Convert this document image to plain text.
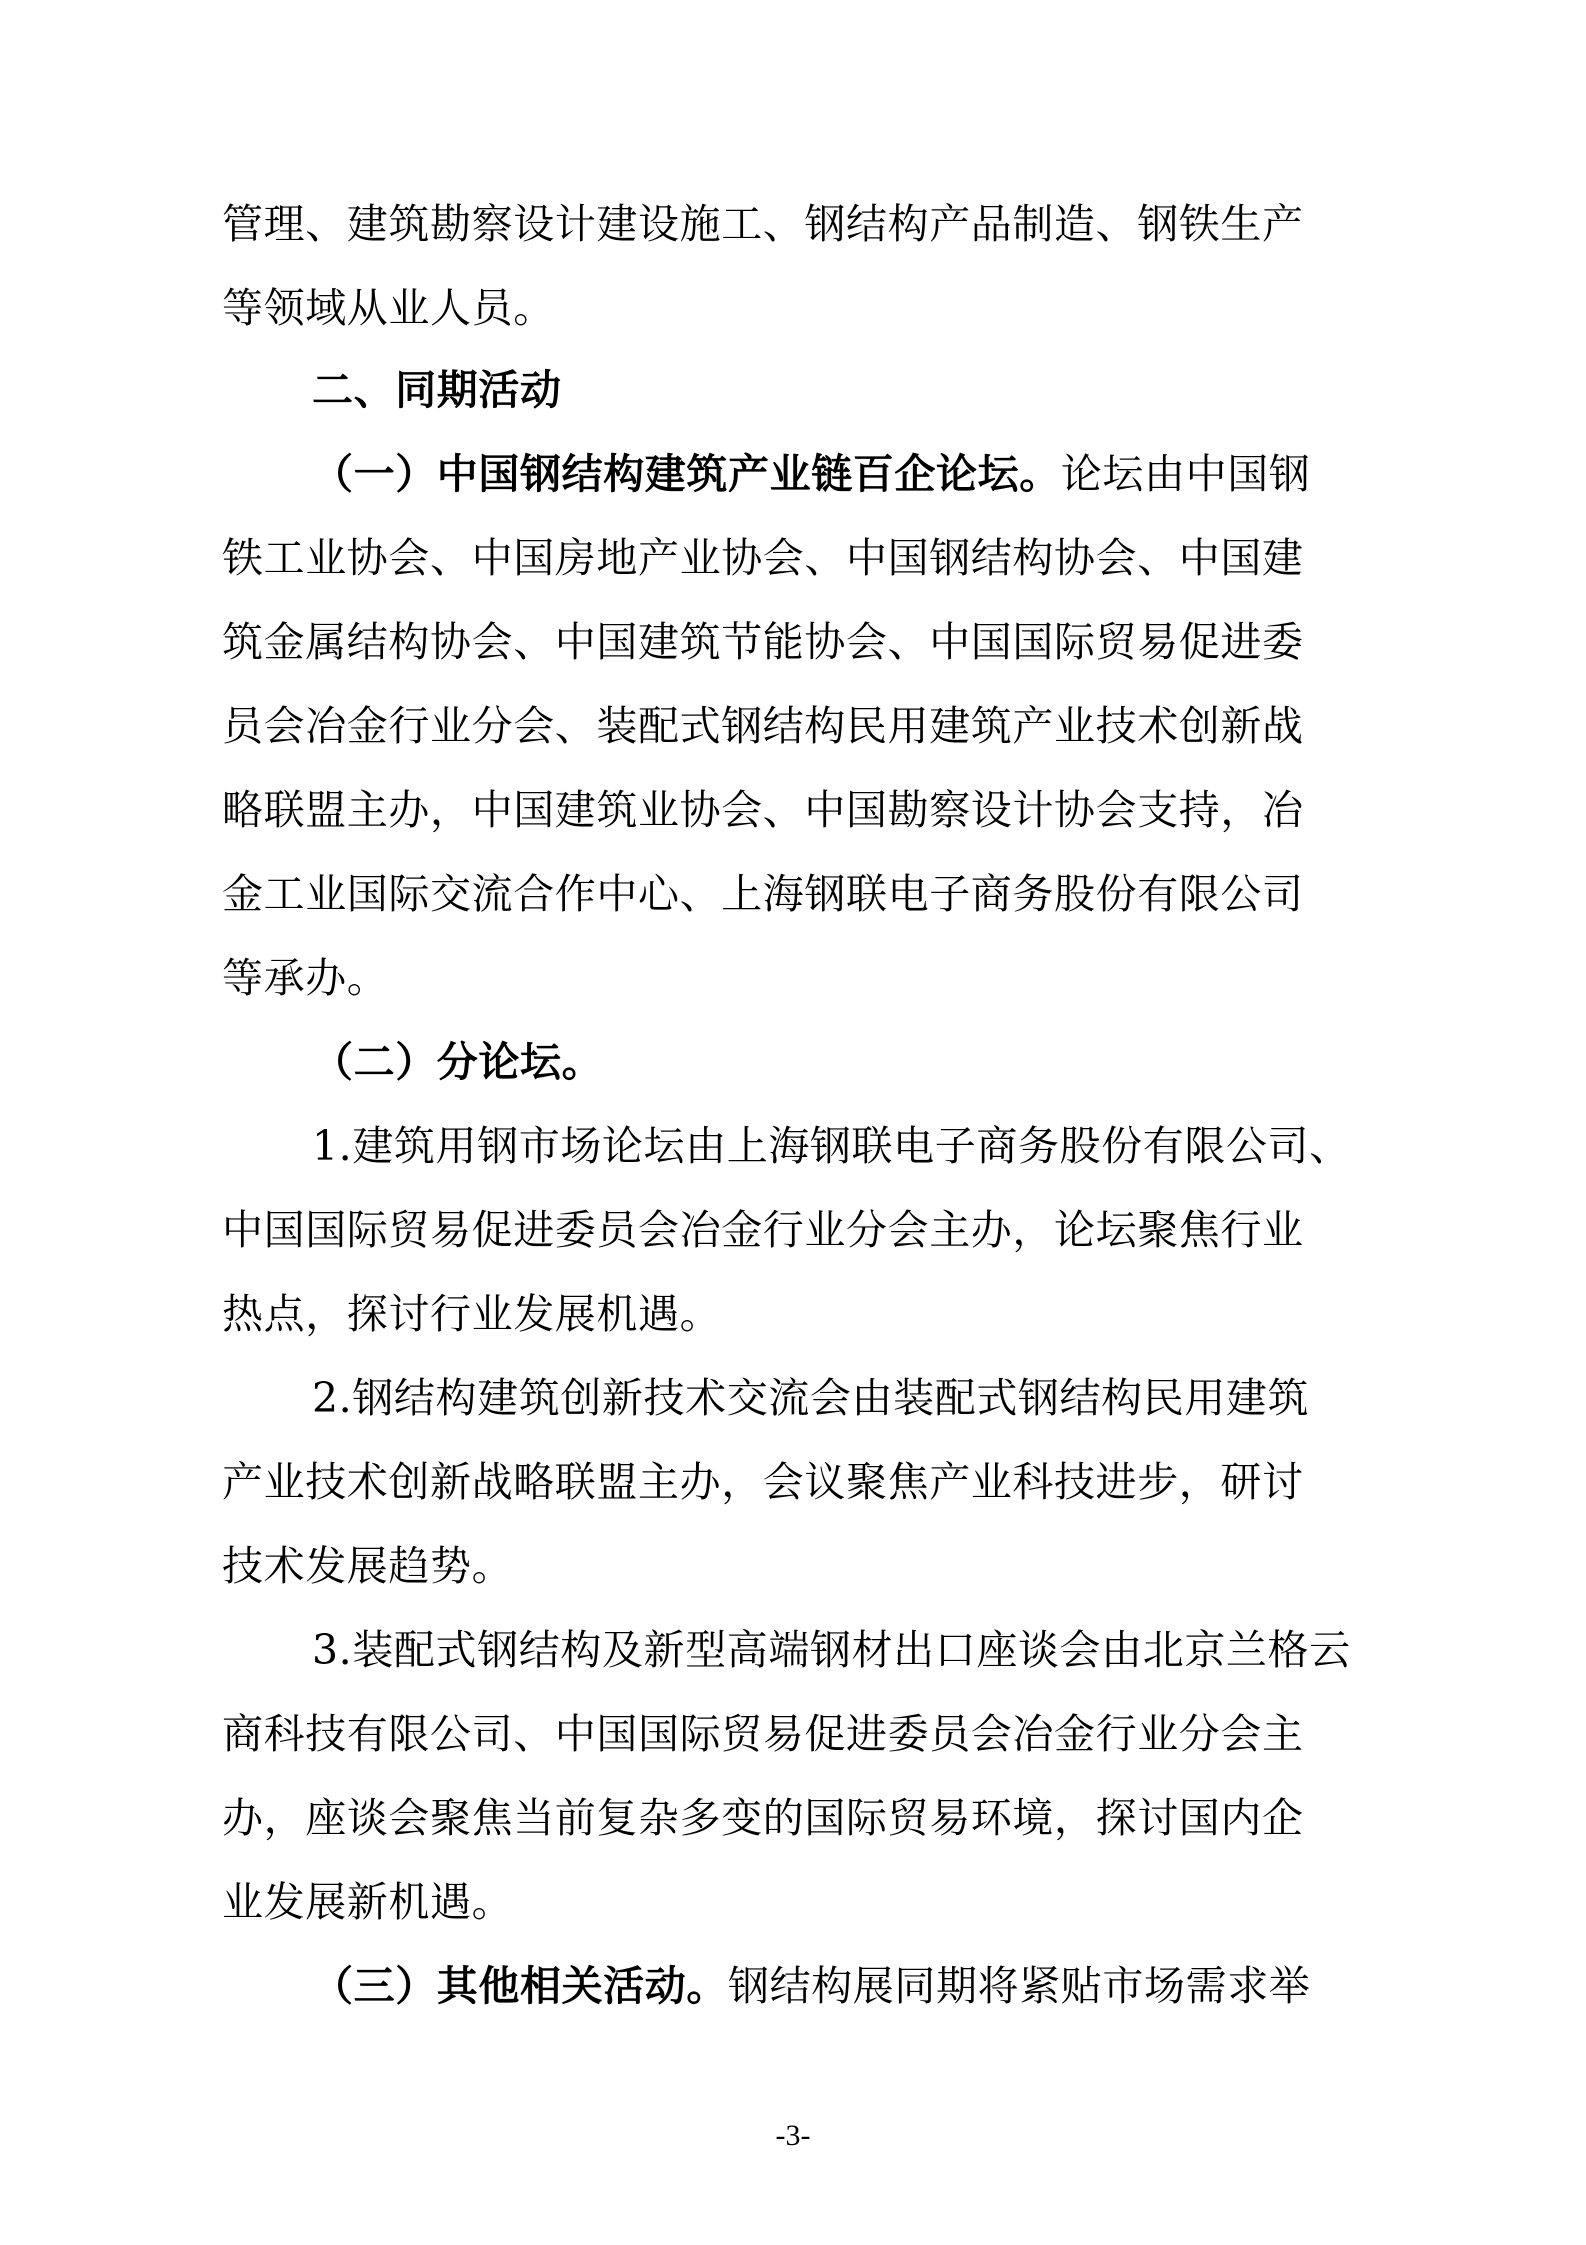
管理、建筑勘察设计建设施工、钢结构产品制造、钢铁生产
等领域从业人员。
二、同期活动
（一）中国钢结构建筑产业链百企论坛。论坛由中国钢
铁工业协会、中国房地产业协会、中国钢结构协会、中国建
筑金属结构协会、中国建筑节能协会、中国国际贸易促进委
员会冶金行业分会、装配式钢结构民用建筑产业技术创新战
略联盟主办，中国建筑业协会、中国勘察设计协会支持，冶
金工业国际交流合作中心、上海钢联电子商务股份有限公司
等承办。
（二）分论坛。
1.建筑用钢市场论坛由上海钢联电子商务股份有限公司、
中国国际贸易促进委员会冶金行业分会主办，论坛聚焦行业
热点，探讨行业发展机遇。
2.钢结构建筑创新技术交流会由装配式钢结构民用建筑
产业技术创新战略联盟主办，会议聚焦产业科技进步，研讨
技术发展趋势。
3.装配式钢结构及新型高端钢材出口座谈会由北京兰格云
商科技有限公司、中国国际贸易促进委员会冶金行业分会主
办，座谈会聚焦当前复杂多变的国际贸易环境，探讨国内企
业发展新机遇。
（三）其他相关活动。钢结构展同期将紧贴市场需求举
-3-
